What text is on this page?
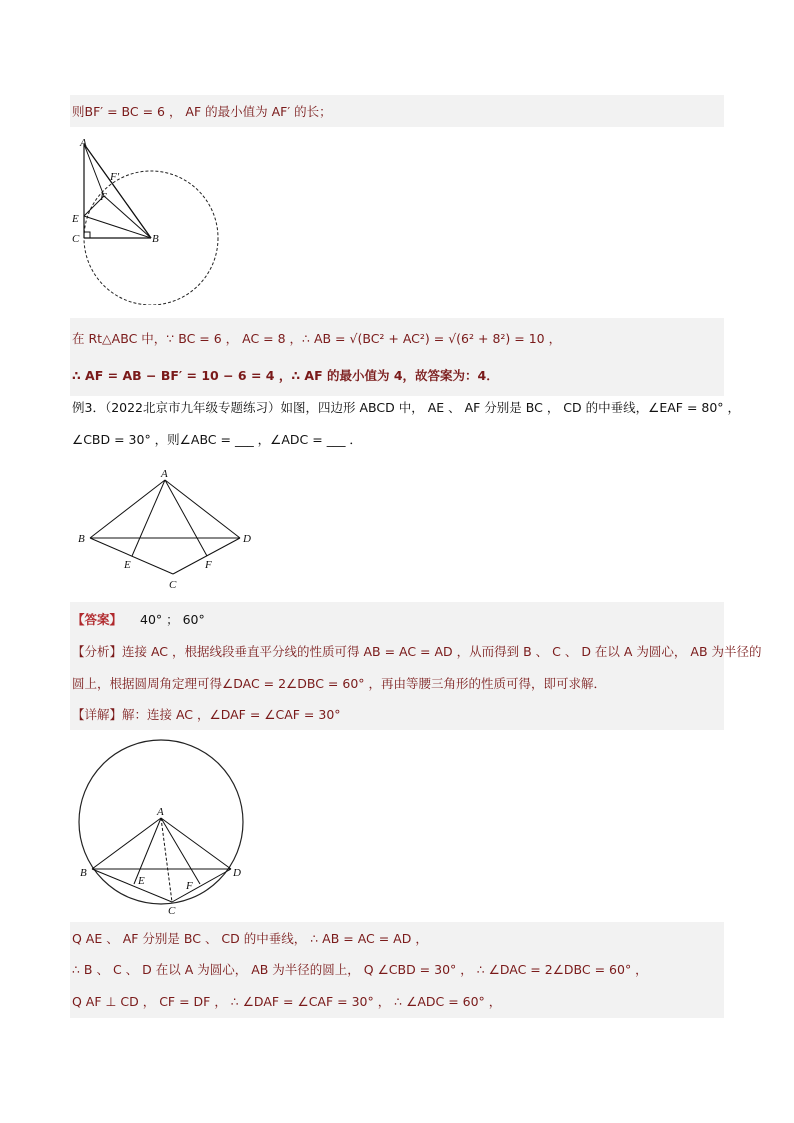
则BF′ = BC = 6 ， AF 的最小值为 AF′ 的长；
A
C	B
E
F
F′
在 Rt△ABC 中，∵ BC = 6 ， AC = 8 ，∴ AB = √(BC² + AC²) = √(6² + 8²) = 10 ，
∴ AF = AB − BF′ = 10 − 6 = 4 ，∴ AF 的最小值为 4，故答案为：4．
例3．（2022北京市九年级专题练习）如图，四边形 ABCD 中， AE 、 AF 分别是 BC ， CD 的中垂线，∠EAF = 80° ，
∠CBD = 30° ，则∠ABC = ___ ，∠ADC = ___ ．
A
B	D
E	F
C
【答案】 40° ； 60°
【分析】连接 AC ，根据线段垂直平分线的性质可得 AB = AC = AD ，从而得到 B 、 C 、 D 在以 A 为圆心， AB 为半径的
圆上，根据圆周角定理可得∠DAC = 2∠DBC = 60° ，再由等腰三角形的性质可得，即可求解．
【详解】解：连接 AC ，∠DAF = ∠CAF = 30°
A
B	D
E	F
C
Q AE 、 AF 分别是 BC 、 CD 的中垂线， ∴ AB = AC = AD ，
∴ B 、 C 、 D 在以 A 为圆心， AB 为半径的圆上， Q ∠CBD = 30° ， ∴ ∠DAC = 2∠DBC = 60° ，
Q AF ⊥ CD ， CF = DF ， ∴ ∠DAF = ∠CAF = 30° ， ∴ ∠ADC = 60° ，
